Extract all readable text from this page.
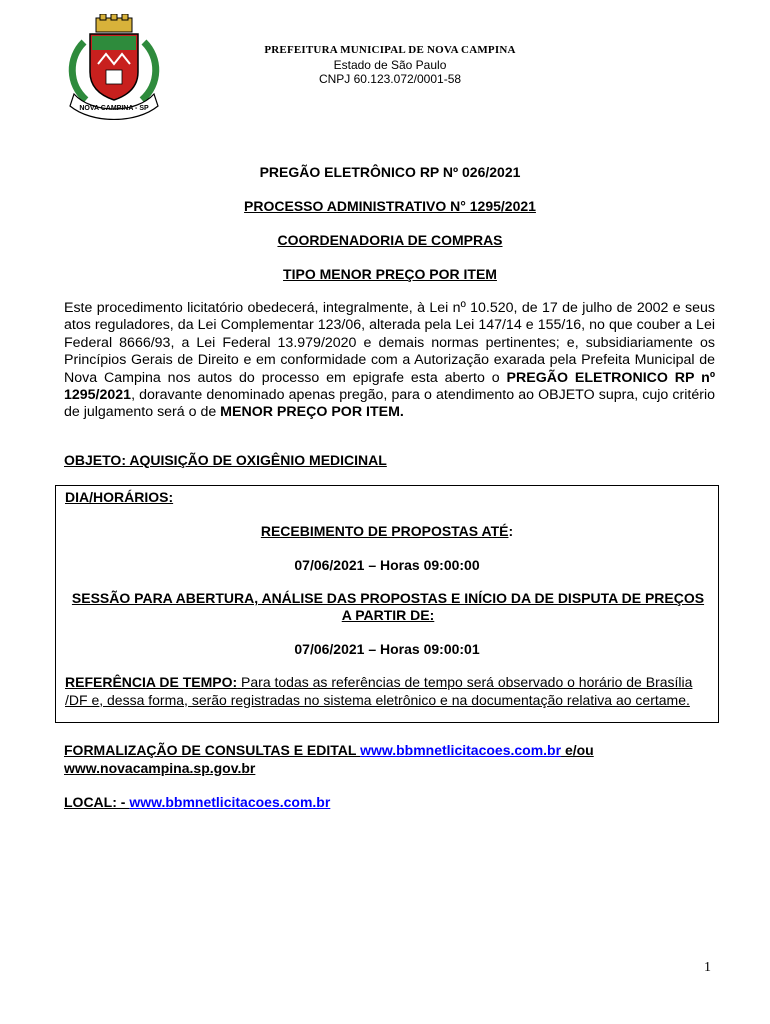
NOVA CAMPINA - SP
PREFEITURA MUNICIPAL DE NOVA CAMPINA
Estado de São Paulo
CNPJ 60.123.072/0001-58
PREGÃO ELETRÔNICO RP Nº 026/2021
PROCESSO ADMINISTRATIVO N° 1295/2021
COORDENADORIA DE COMPRAS
TIPO MENOR PREÇO POR ITEM
Este procedimento licitatório obedecerá, integralmente, à Lei nº 10.520, de 17 de julho de 2002 e seus atos reguladores, da Lei Complementar 123/06, alterada pela Lei 147/14 e 155/16, no que couber a Lei Federal 8666/93, a Lei Federal 13.979/2020 e demais normas pertinentes; e, subsidiariamente os Princípios Gerais de Direito e em conformidade com a Autorização exarada pela Prefeita Municipal de Nova Campina nos autos do processo em epigrafe esta aberto o PREGÃO ELETRONICO RP nº 1295/2021, doravante denominado apenas pregão, para o atendimento ao OBJETO supra, cujo critério de julgamento será o de MENOR PREÇO POR ITEM.
OBJETO: AQUISIÇÃO DE OXIGÊNIO MEDICINAL
DIA/HORÁRIOS:
RECEBIMENTO DE PROPOSTAS ATÉ:
07/06/2021 – Horas 09:00:00
SESSÃO PARA ABERTURA, ANÁLISE DAS PROPOSTAS E INÍCIO DA DE DISPUTA DE PREÇOS A PARTIR DE:
07/06/2021 – Horas 09:00:01
REFERÊNCIA DE TEMPO: Para todas as referências de tempo será observado o horário de Brasília /DF e, dessa forma, serão registradas no sistema eletrônico e na documentação relativa ao certame.
FORMALIZAÇÃO DE CONSULTAS E EDITAL www.bbmnetlicitacoes.com.br e/ou
www.novacampina.sp.gov.br
LOCAL: - www.bbmnetlicitacoes.com.br
1
